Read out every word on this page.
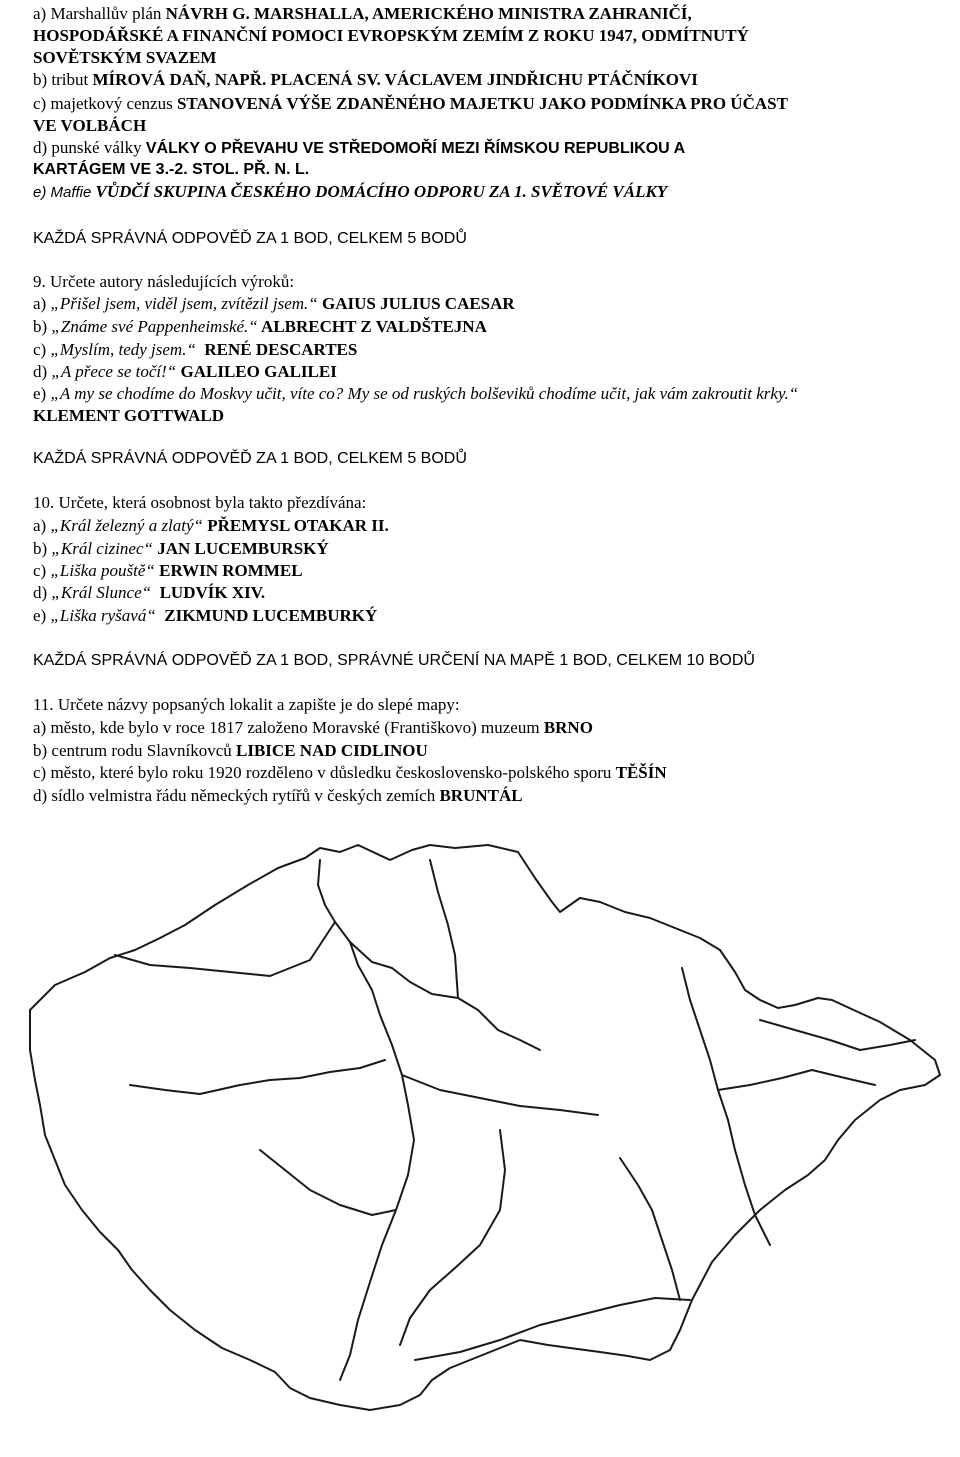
a) Marshallův plán NÁVRH G. MARSHALLA, AMERICKÉHO MINISTRA ZAHRANIČÍ,
HOSPODÁŘSKÉ A FINANČNÍ POMOCI EVROPSKÝM ZEMÍM Z ROKU 1947, ODMÍTNUTÝ
SOVĚTSKÝM SVAZEM
b) tribut MÍROVÁ DAŇ, NAPŘ. PLACENÁ SV. VÁCLAVEM JINDŘICHU PTÁČNÍKOVI
c) majetkový cenzus STANOVENÁ VÝŠE ZDANĚNÉHO MAJETKU JAKO PODMÍNKA PRO ÚČAST
VE VOLBÁCH
d) punské války VÁLKY O PŘEVAHU VE STŘEDOMOŘÍ MEZI ŘÍMSKOU REPUBLIKOU A
KARTÁGEM VE 3.-2. STOL. PŘ. N. L.
e) Maffie VŮDČÍ SKUPINA ČESKÉHO DOMÁCÍHO ODPORU ZA 1. SVĚTOVÉ VÁLKY
KAŽDÁ SPRÁVNÁ ODPOVĚĎ ZA 1 BOD, CELKEM 5 BODŮ
9. Určete autory následujících výroků:
a) „Přišel jsem, viděl jsem, zvítězil jsem.“ GAIUS JULIUS CAESAR
b) „Známe své Pappenheimské.“ ALBRECHT Z VALDŠTEJNA
c) „Myslím, tedy jsem.“  RENÉ DESCARTES
d) „A přece se točí!“ GALILEO GALILEI
e) „A my se chodíme do Moskvy učit, víte co? My se od ruských bolševiků chodíme učit, jak vám zakroutit krky.“
KLEMENT GOTTWALD
KAŽDÁ SPRÁVNÁ ODPOVĚĎ ZA 1 BOD, CELKEM 5 BODŮ
10. Určete, která osobnost byla takto přezdívána:
a) „Král železný a zlatý“ PŘEMYSL OTAKAR II.
b) „Král cizinec“ JAN LUCEMBURSKÝ
c) „Liška pouště“ ERWIN ROMMEL
d) „Král Slunce“  LUDVÍK XIV.
e) „Liška ryšavá“  ZIKMUND LUCEMBURKÝ
KAŽDÁ SPRÁVNÁ ODPOVĚĎ ZA 1 BOD, SPRÁVNÉ URČENÍ NA MAPĚ 1 BOD, CELKEM 10 BODŮ
11. Určete názvy popsaných lokalit a zapište je do slepé mapy:
a) město, kde bylo v roce 1817 založeno Moravské (Františkovo) muzeum BRNO
b) centrum rodu Slavníkovců LIBICE NAD CIDLINOU
c) město, které bylo roku 1920 rozděleno v důsledku československo-polského sporu TĚŠÍN
d) sídlo velmistra řádu německých rytířů v českých zemích BRUNTÁL
